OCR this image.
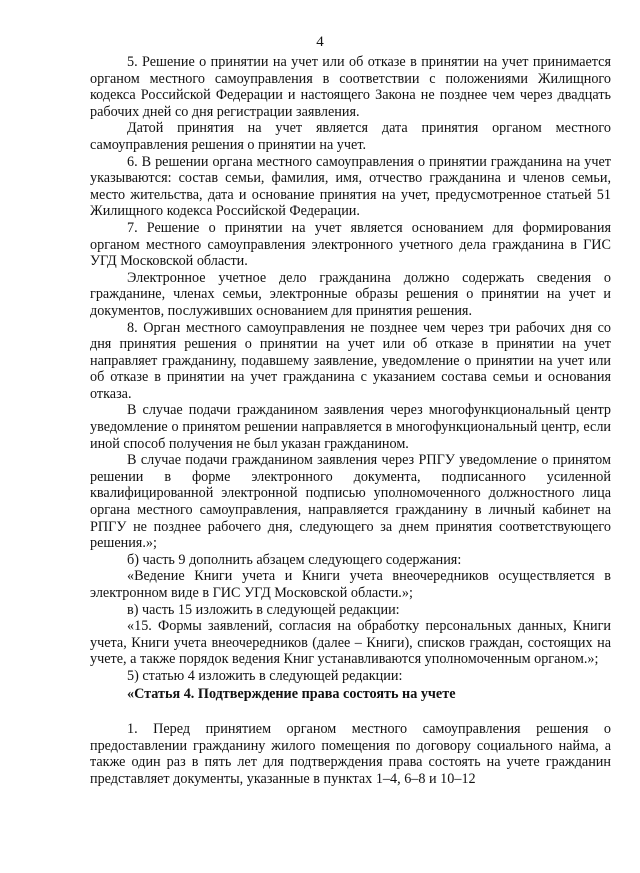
4

5. Решение о принятии на учет или об отказе в принятии на учет принимается органом местного самоуправления в соответствии с положениями Жилищного кодекса Российской Федерации и настоящего Закона не позднее чем через двадцать рабочих дней со дня регистрации заявления.

Датой принятия на учет является дата принятия органом местного самоуправления решения о принятии на учет.

6. В решении органа местного самоуправления о принятии гражданина на учет указываются: состав семьи, фамилия, имя, отчество гражданина и членов семьи, место жительства, дата и основание принятия на учет, предусмотренное статьей 51 Жилищного кодекса Российской Федерации.

7. Решение о принятии на учет является основанием для формирования органом местного самоуправления электронного учетного дела гражданина в ГИС УГД Московской области.

Электронное учетное дело гражданина должно содержать сведения о гражданине, членах семьи, электронные образы решения о принятии на учет и документов, послуживших основанием для принятия решения.

8. Орган местного самоуправления не позднее чем через три рабочих дня со дня принятия решения о принятии на учет или об отказе в принятии на учет направляет гражданину, подавшему заявление, уведомление о принятии на учет или об отказе в принятии на учет гражданина с указанием состава семьи и основания отказа.

В случае подачи гражданином заявления через многофункциональный центр уведомление о принятом решении направляется в многофункциональный центр, если иной способ получения не был указан гражданином.

В случае подачи гражданином заявления через РПГУ уведомление о принятом решении в форме электронного документа, подписанного усиленной квалифицированной электронной подписью уполномоченного должностного лица органа местного самоуправления, направляется гражданину в личный кабинет на РПГУ не позднее рабочего дня, следующего за днем принятия соответствующего решения.»;

б) часть 9 дополнить абзацем следующего содержания:

«Ведение Книги учета и Книги учета внеочередников осуществляется в электронном виде в ГИС УГД Московской области.»;

в) часть 15 изложить в следующей редакции:

«15. Формы заявлений, согласия на обработку персональных данных, Книги учета, Книги учета внеочередников (далее – Книги), списков граждан, состоящих на учете, а также порядок ведения Книг устанавливаются уполномоченным органом.»;

5) статью 4 изложить в следующей редакции:

«Статья 4. Подтверждение права состоять на учете

1. Перед принятием органом местного самоуправления решения о предоставлении гражданину жилого помещения по договору социального найма, а также один раз в пять лет для подтверждения права состоять на учете гражданин представляет документы, указанные в пунктах 1–4, 6–8 и 10–12
